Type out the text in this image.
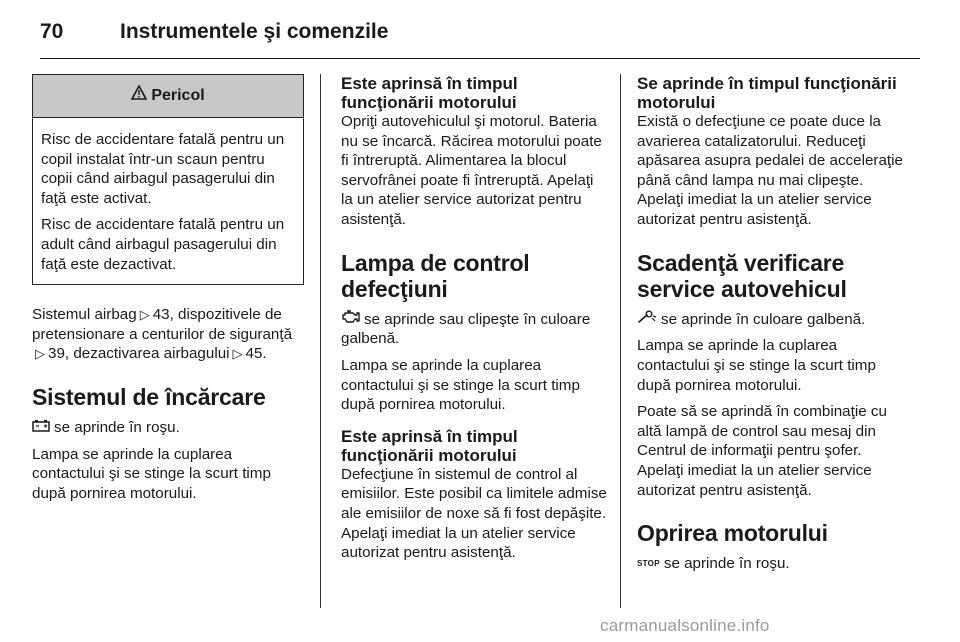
70	Instrumentele şi comenzile
Pericol

Risc de accidentare fatală pentru un copil instalat într-un scaun pentru copii când airbagul pasagerului din faţă este activat.

Risc de accidentare fatală pentru un adult când airbagul pasagerului din faţă este dezactivat.

Sistemul airbag ▷ 43, dispozitivele de pretensionare a centurilor de siguranţă▷ 39, dezactivarea airbagului ▷ 45.

Sistemul de încărcare

se aprinde în roşu.

Lampa se aprinde la cuplarea contactului şi se stinge la scurt timp după pornirea motorului.

Este aprinsă în timpul funcţionării motorului

Opriţi autovehiculul şi motorul. Bateria nu se încarcă. Răcirea motorului poate fi întreruptă. Alimentarea la blocul servofrânei poate fi întreruptă. Apelaţi la un atelier service autorizat pentru asistenţă.

Lampa de control defecţiuni

se aprinde sau clipeşte în culoare galbenă.

Lampa se aprinde la cuplarea contactului şi se stinge la scurt timp după pornirea motorului.

Este aprinsă în timpul funcţionării motorului

Defecţiune în sistemul de control al emisiilor. Este posibil ca limitele admise ale emisiilor de noxe să fi fost depăşite. Apelaţi imediat la un atelier service autorizat pentru asistenţă.

Se aprinde în timpul funcţionării motorului

Există o defecţiune ce poate duce la avarierea catalizatorului. Reduceţi apăsarea asupra pedalei de acceleraţie până când lampa nu mai clipeşte. Apelaţi imediat la un atelier service autorizat pentru asistenţă.

Scadenţă verificare service autovehicul

se aprinde în culoare galbenă.

Lampa se aprinde la cuplarea contactului şi se stinge la scurt timp după pornirea motorului.

Poate să se aprindă în combinaţie cu altă lampă de control sau mesaj din Centrul de informaţii pentru şofer. Apelaţi imediat la un atelier service autorizat pentru asistenţă.

Oprirea motorului

STOP se aprinde în roşu.

carmanualsonline.info
